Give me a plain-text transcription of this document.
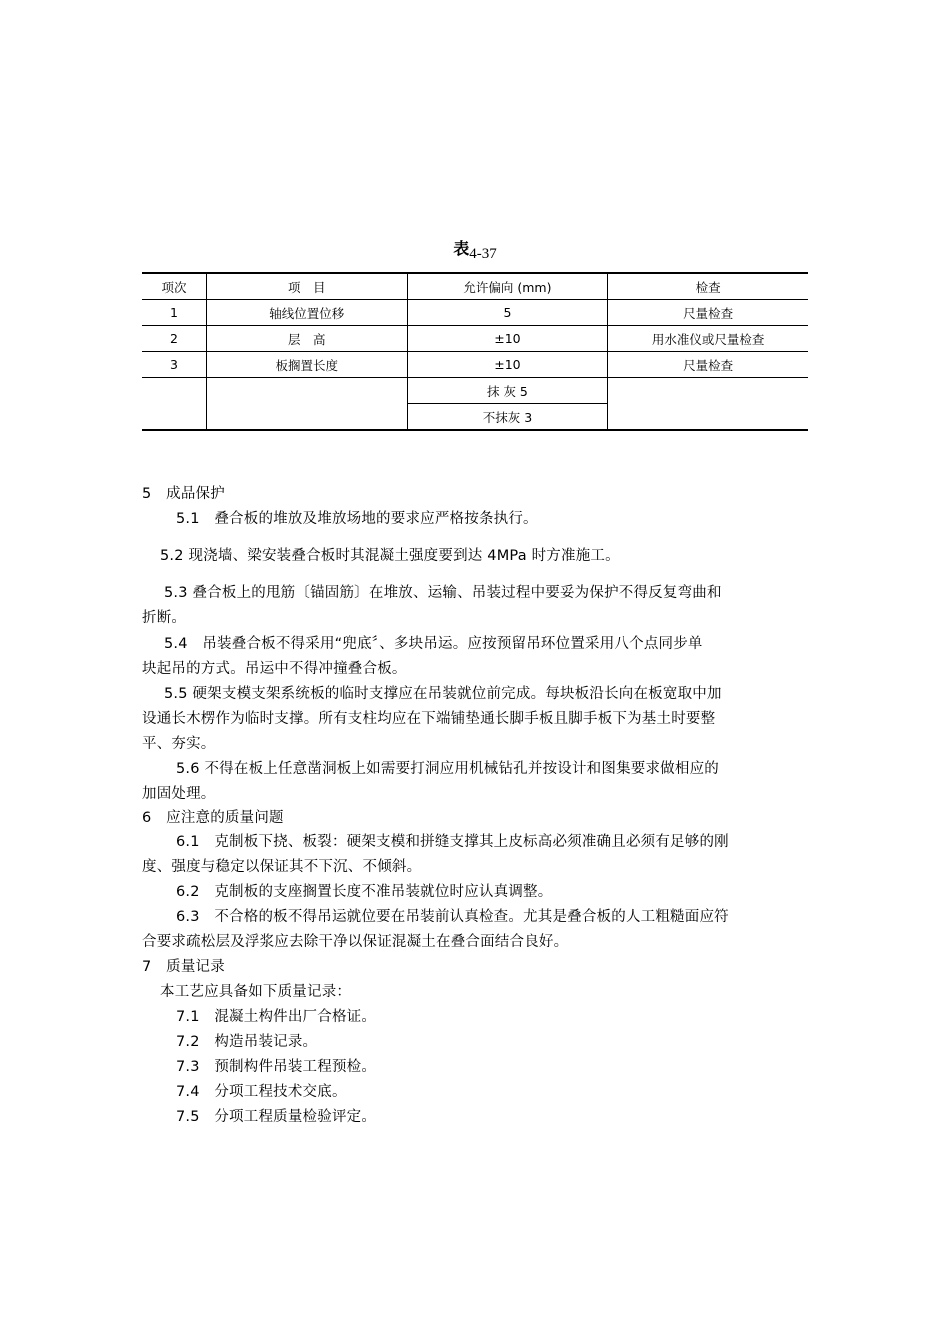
表4-37
项次	项　目	允许偏向 (mm)	检查
1	轴线位置位移	5	尺量检查
2	层　高	±10	用水准仪或尺量检查
3	板搁置长度	±10	尺量检查
		抹 灰 5	
		不抹灰 3	
5　成品保护
5.1　叠合板的堆放及堆放场地的要求应严格按条执行。
5.2 现浇墙、梁安装叠合板时其混凝土强度要到达 4MPa 时方准施工。
5.3 叠合板上的甩筋〔锚固筋〕在堆放、运输、吊装过程中要妥为保护不得反复弯曲和
折断。
5.4　吊装叠合板不得采用“兜底〞、多块吊运。应按预留吊环位置采用八个点同步单
块起吊的方式。吊运中不得冲撞叠合板。
5.5 硬架支模支架系统板的临时支撑应在吊装就位前完成。每块板沿长向在板宽取中加
设通长木楞作为临时支撑。所有支柱均应在下端铺垫通长脚手板且脚手板下为基土时要整
平、夯实。
5.6 不得在板上任意凿洞板上如需要打洞应用机械钻孔并按设计和图集要求做相应的
加固处理。
6　应注意的质量问题
6.1　克制板下挠、板裂：硬架支模和拼缝支撑其上皮标高必须准确且必须有足够的刚
度、强度与稳定以保证其不下沉、不倾斜。
6.2　克制板的支座搁置长度不准吊装就位时应认真调整。
6.3　不合格的板不得吊运就位要在吊装前认真检查。尤其是叠合板的人工粗糙面应符
合要求疏松层及浮浆应去除干净以保证混凝土在叠合面结合良好。
7　质量记录
本工艺应具备如下质量记录：
7.1　混凝土构件出厂合格证。
7.2　构造吊装记录。
7.3　预制构件吊装工程预检。
7.4　分项工程技术交底。
7.5　分项工程质量检验评定。
